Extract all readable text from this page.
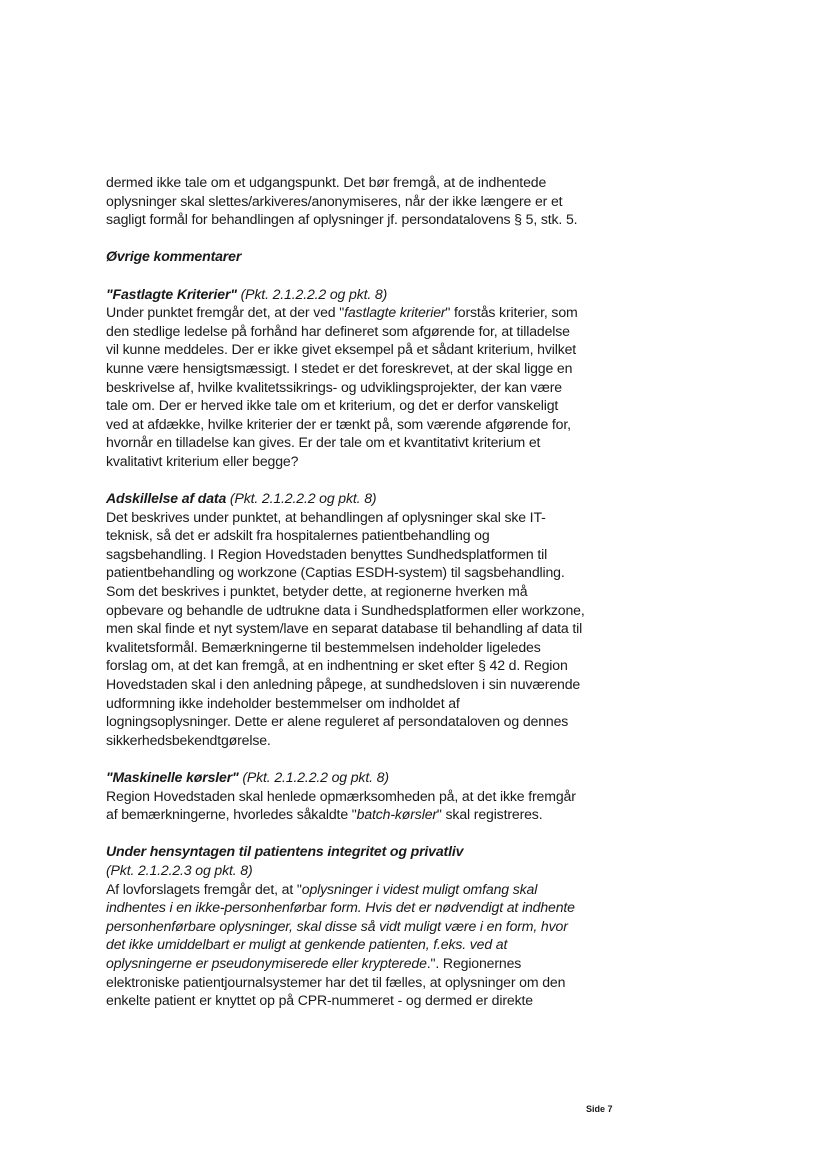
dermed ikke tale om et udgangspunkt. Det bør fremgå, at de indhentede
oplysninger skal slettes/arkiveres/anonymiseres, når der ikke længere er et
sagligt formål for behandlingen af oplysninger jf. persondatalovens § 5, stk. 5.
Øvrige kommentarer
"Fastlagte Kriterier" (Pkt. 2.1.2.2.2 og pkt. 8)
Under punktet fremgår det, at der ved "fastlagte kriterier" forstås kriterier, som
den stedlige ledelse på forhånd har defineret som afgørende for, at tilladelse
vil kunne meddeles. Der er ikke givet eksempel på et sådant kriterium, hvilket
kunne være hensigtsmæssigt. I stedet er det foreskrevet, at der skal ligge en
beskrivelse af, hvilke kvalitetssikrings- og udviklingsprojekter, der kan være
tale om. Der er herved ikke tale om et kriterium, og det er derfor vanskeligt
ved at afdække, hvilke kriterier der er tænkt på, som værende afgørende for,
hvornår en tilladelse kan gives. Er der tale om et kvantitativt kriterium et
kvalitativt kriterium eller begge?
Adskillelse af data (Pkt. 2.1.2.2.2 og pkt. 8)
Det beskrives under punktet, at behandlingen af oplysninger skal ske IT-
teknisk, så det er adskilt fra hospitalernes patientbehandling og
sagsbehandling. I Region Hovedstaden benyttes Sundhedsplatformen til
patientbehandling og workzone (Captias ESDH-system) til sagsbehandling.
Som det beskrives i punktet, betyder dette, at regionerne hverken må
opbevare og behandle de udtrukne data i Sundhedsplatformen eller workzone,
men skal finde et nyt system/lave en separat database til behandling af data til
kvalitetsformål. Bemærkningerne til bestemmelsen indeholder ligeledes
forslag om, at det kan fremgå, at en indhentning er sket efter § 42 d. Region
Hovedstaden skal i den anledning påpege, at sundhedsloven i sin nuværende
udformning ikke indeholder bestemmelser om indholdet af
logningsoplysninger. Dette er alene reguleret af persondataloven og dennes
sikkerhedsbekendtgørelse.
"Maskinelle kørsler" (Pkt. 2.1.2.2.2 og pkt. 8)
Region Hovedstaden skal henlede opmærksomheden på, at det ikke fremgår
af bemærkningerne, hvorledes såkaldte "batch-kørsler" skal registreres.
Under hensyntagen til patientens integritet og privatliv
(Pkt. 2.1.2.2.3 og pkt. 8)
Af lovforslagets fremgår det, at "oplysninger i videst muligt omfang skal
indhentes i en ikke-personhenførbar form. Hvis det er nødvendigt at indhente
personhenførbare oplysninger, skal disse så vidt muligt være i en form, hvor
det ikke umiddelbart er muligt at genkende patienten, f.eks. ved at
oplysningerne er pseudonymiserede eller krypterede.". Regionernes
elektroniske patientjournalsystemer har det til fælles, at oplysninger om den
enkelte patient er knyttet op på CPR-nummeret - og dermed er direkte
Side 7
